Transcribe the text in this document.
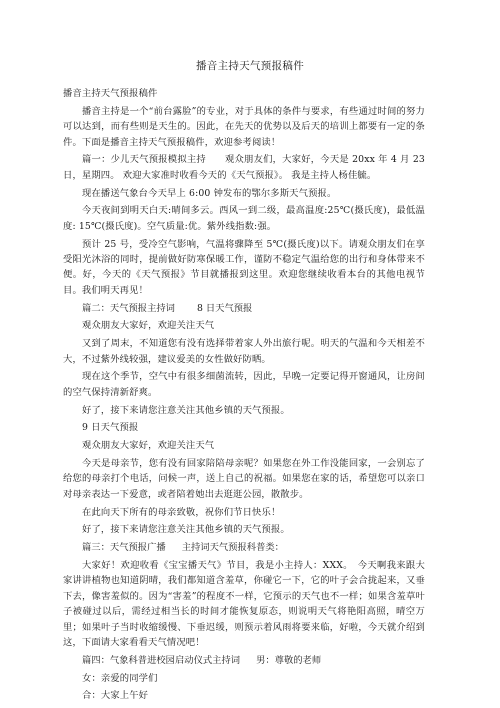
播音主持天气预报稿件

播音主持天气预报稿件

播音主持是一个“前台露脸”的专业，对于具体的条件与要求，有些通过时间的努力可以达到，而有些则是天生的。因此，在先天的优势以及后天的培训上都要有一定的条件。下面是播音主持天气预报稿件，欢迎参考阅读！

篇一：少儿天气预报模拟主持　　观众朋友们，大家好，今天是 20xx 年 4 月 23 日，星期四。 欢迎大家准时收看今天的《天气预报》。 我是主持人杨佳毓。

现在播送气象台今天早上 6:00 钟发布的鄂尔多斯天气预报。

今天夜间到明天白天:晴间多云。西风一到二级，最高温度:25℃(摄氏度)，最低温度: 15℃(摄氏度)。空气质量:优。紫外线指数:强。

预计 25 号，受冷空气影响，气温将骤降至 5℃(摄氏度)以下。请观众朋友们在享受阳光沐浴的同时，提前做好防寒保暖工作，谨防不稳定气温给您的出行和身体带来不便。好，今天的《天气预报》节目就播报到这里。欢迎您继续收看本台的其他电视节目。我们明天再见！

篇二：天气预报主持词 8 日天气预报

观众朋友大家好，欢迎关注天气

又到了周末，不知道您有没有选择带着家人外出旅行呢。明天的气温和今天相差不大，不过紫外线较强，建议爱美的女性做好防晒。

现在这个季节，空气中有很多细菌流转，因此，早晚一定要记得开窗通风，让房间的空气保持清新舒爽。

好了，接下来请您注意关注其他乡镇的天气预报。

9 日天气预报

观众朋友大家好，欢迎关注天气

今天是母亲节，您有没有回家陪陪母亲呢？如果您在外工作没能回家，一会别忘了给您的母亲打个电话，问候一声，送上自己的祝福。如果您在家的话，希望您可以亲口对母亲表达一下爱意，或者陪着她出去逛逛公园，散散步。

在此向天下所有的母亲致敬，祝你们节日快乐！

好了，接下来请您注意关注其他乡镇的天气预报。

篇三：天气预报广播 主持词天气预报科普类：

大家好！欢迎收看《宝宝播天气》节目，我是小主持人：XXX。　今天啊我来跟大家讲讲植物也知道阴晴，我们都知道含羞草，你碰它一下，它的叶子会合拢起来，又垂下去，像害羞似的。因为“害羞”的程度不一样，它预示的天气也不一样；如果含羞草叶子被碰过以后，需经过相当长的时间才能恢复原态，则说明天气将艳阳高照，晴空万里；如果叶子当时收缩缓慢、下垂迟缓，则预示着风雨将要来临，好啦，今天就介绍到这，下面请大家看看天气情况吧！

篇四：气象科普进校园启动仪式主持词 男：尊敬的老师

女：亲爱的同学们

合：大家上午好
